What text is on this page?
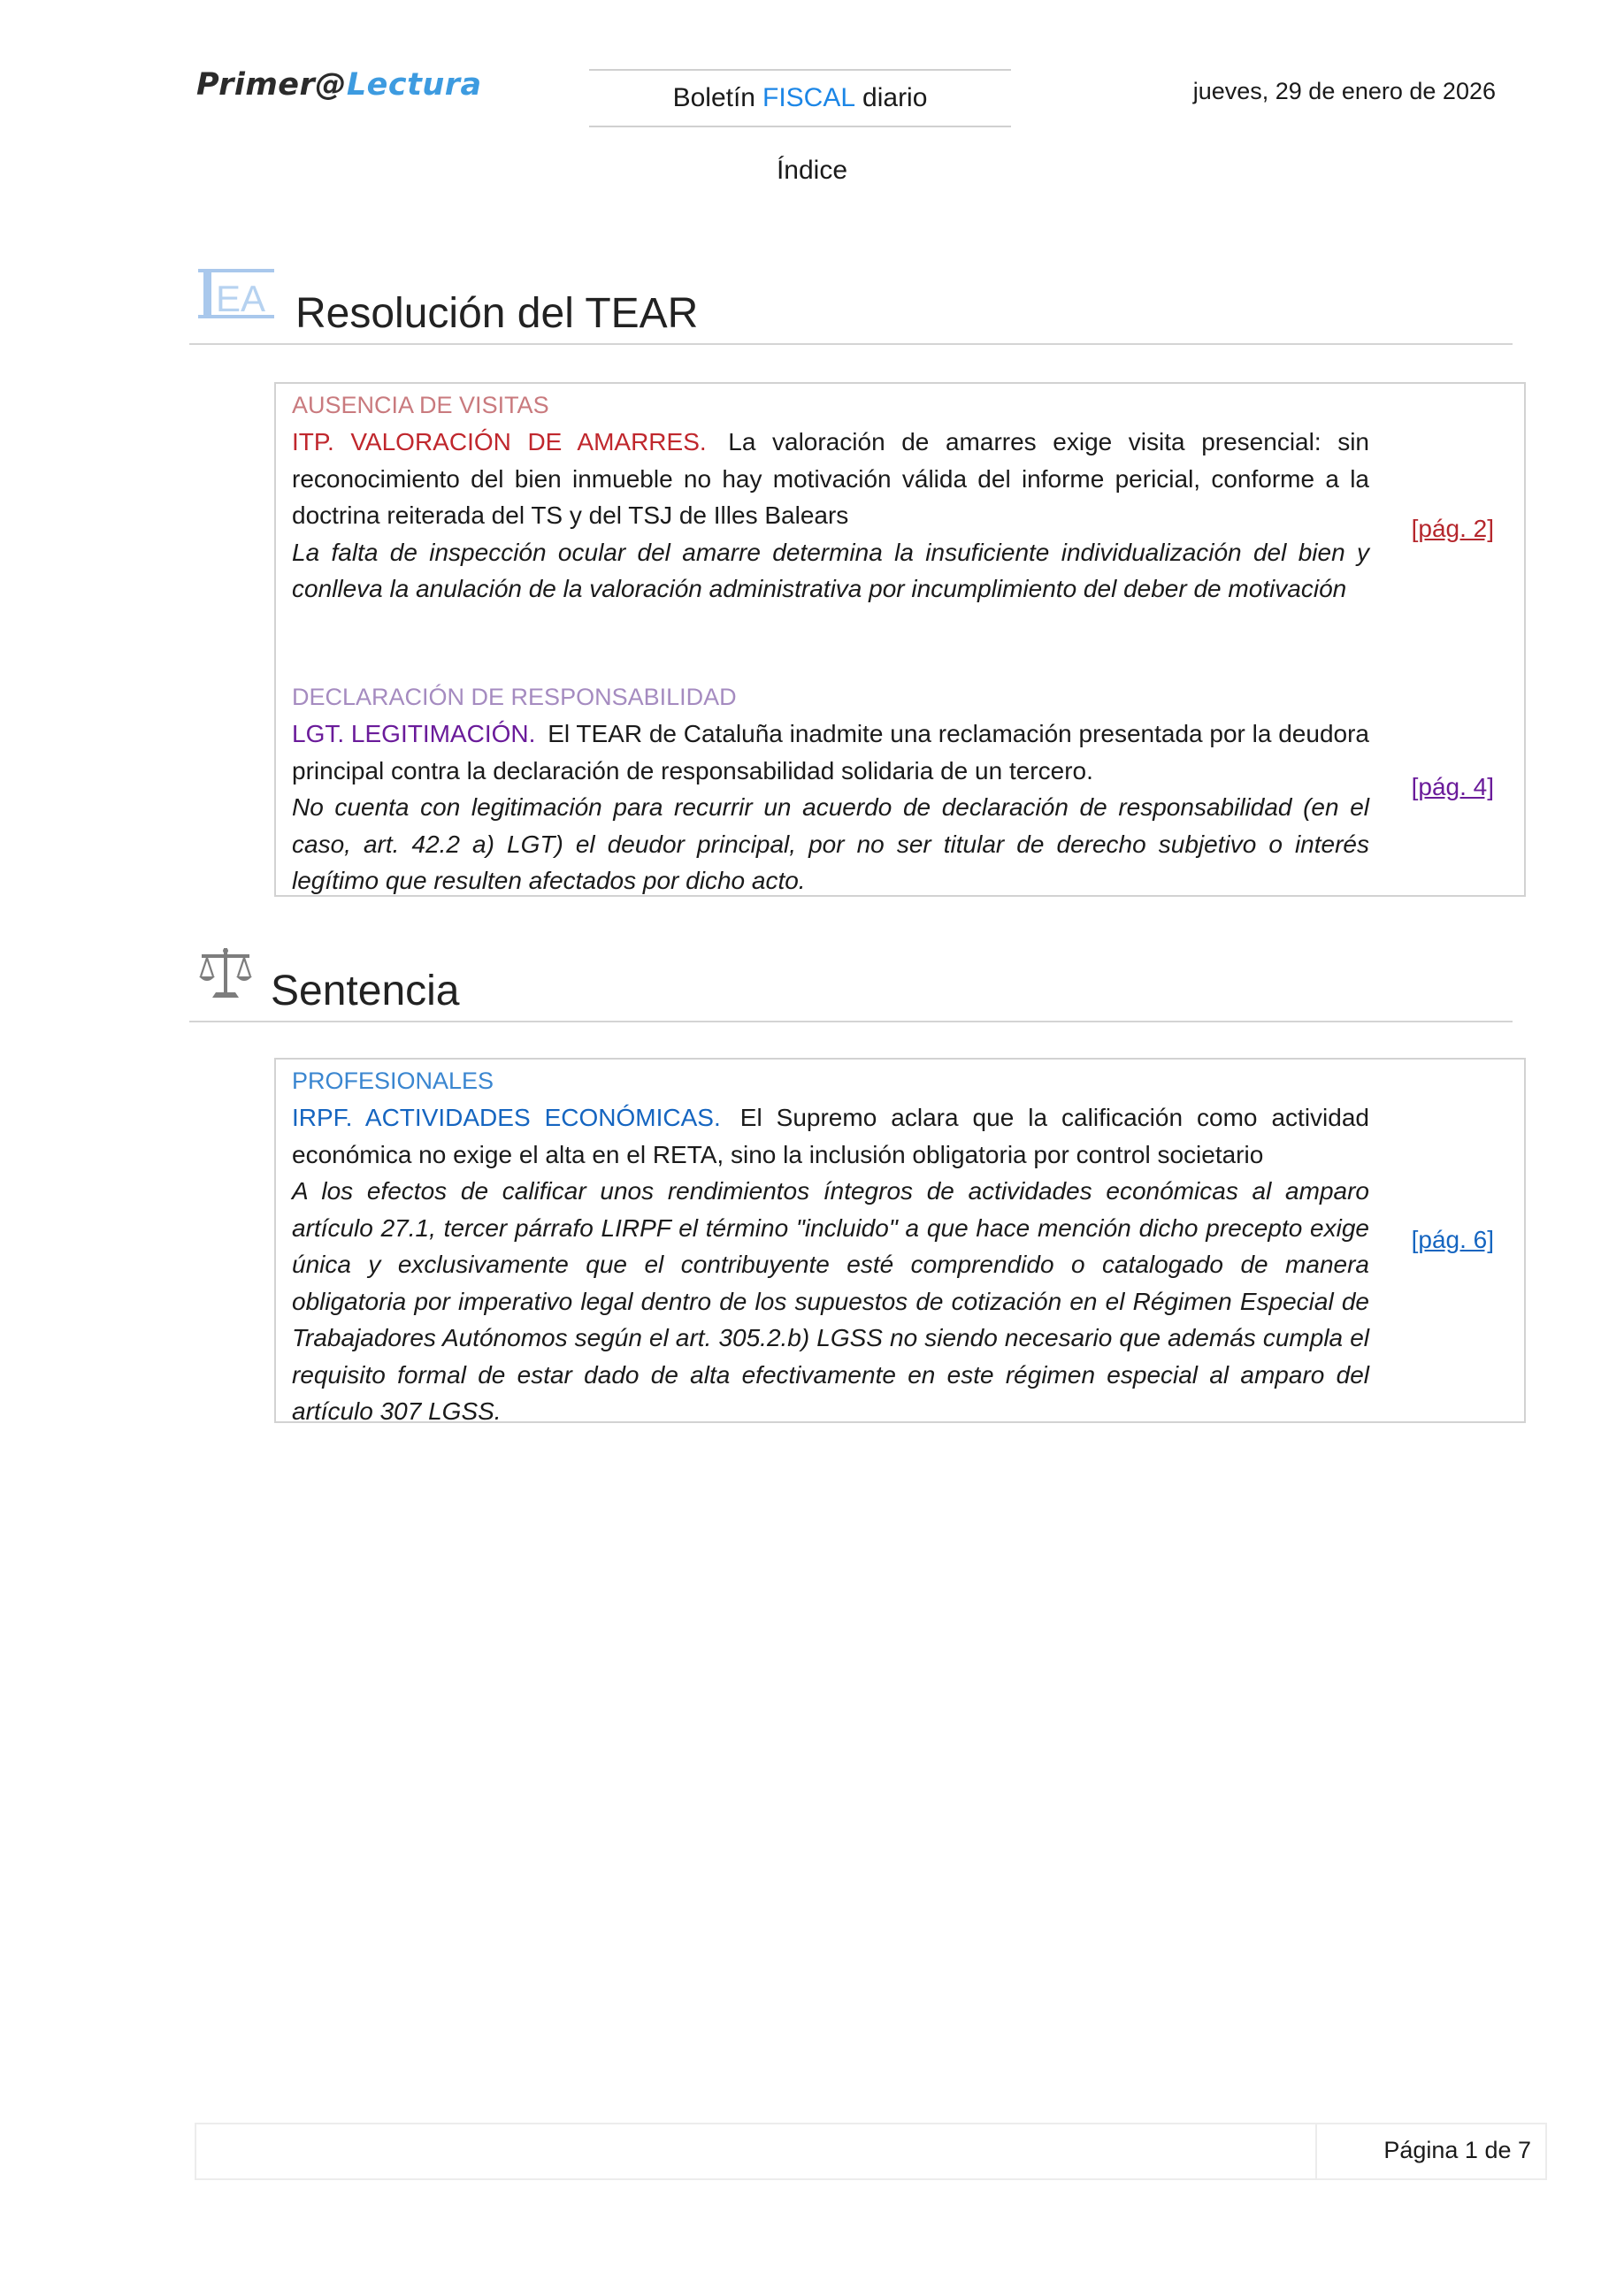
Primer@Lectura	Boletín FISCAL diario	jueves, 29 de enero de 2026
Índice
EA Resolución del TEAR
AUSENCIA DE VISITAS
ITP. VALORACIÓN DE AMARRES. La valoración de amarres exige visita presencial: sin reconocimiento del bien inmueble no hay motivación válida del informe pericial, conforme a la doctrina reiterada del TS y del TSJ de Illes Balears
La falta de inspección ocular del amarre determina la insuficiente individualización del bien y conlleva la anulación de la valoración administrativa por incumplimiento del deber de motivación
[pág. 2]
DECLARACIÓN DE RESPONSABILIDAD
LGT. LEGITIMACIÓN. El TEAR de Cataluña inadmite una reclamación presentada por la deudora principal contra la declaración de responsabilidad solidaria de un tercero.
No cuenta con legitimación para recurrir un acuerdo de declaración de responsabilidad (en el caso, art. 42.2 a) LGT) el deudor principal, por no ser titular de derecho subjetivo o interés legítimo que resulten afectados por dicho acto.
[pág. 4]
Sentencia
PROFESIONALES
IRPF. ACTIVIDADES ECONÓMICAS. El Supremo aclara que la calificación como actividad económica no exige el alta en el RETA, sino la inclusión obligatoria por control societario
A los efectos de calificar unos rendimientos íntegros de actividades económicas al amparo artículo 27.1, tercer párrafo LIRPF el término "incluido" a que hace mención dicho precepto exige única y exclusivamente que el contribuyente esté comprendido o catalogado de manera obligatoria por imperativo legal dentro de los supuestos de cotización en el Régimen Especial de Trabajadores Autónomos según el art. 305.2.b) LGSS no siendo necesario que además cumpla el requisito formal de estar dado de alta efectivamente en este régimen especial al amparo del artículo 307 LGSS.
[pág. 6]
Página 1 de 7
